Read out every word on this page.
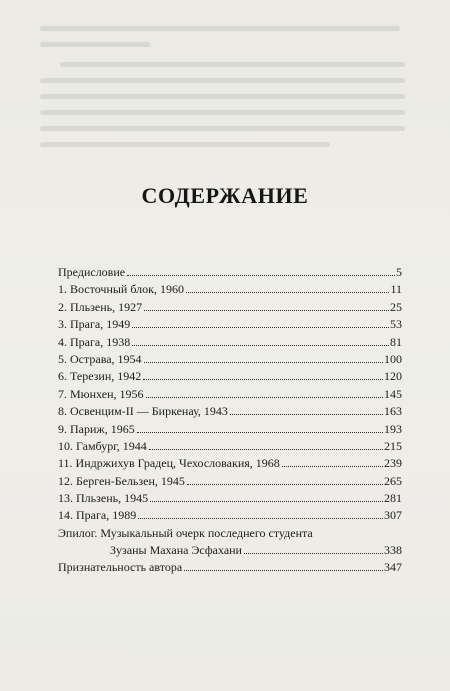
СОДЕРЖАНИЕ
Предисловие	5
1. Восточный блок, 1960	11
2. Пльзень, 1927	25
3. Прага, 1949	53
4. Прага, 1938	81
5. Острава, 1954	100
6. Терезин, 1942	120
7. Мюнхен, 1956	145
8. Освенцим-II — Биркенау, 1943	163
9. Париж, 1965	193
10. Гамбург, 1944	215
11. Индржихув Градец, Чехословакия, 1968	239
12. Берген-Бельзен, 1945	265
13. Пльзень, 1945	281
14. Прага, 1989	307
Эпилог. Музыкальный очерк последнего студента
Зузаны Махана Эсфахани	338
Признательность автора	347
